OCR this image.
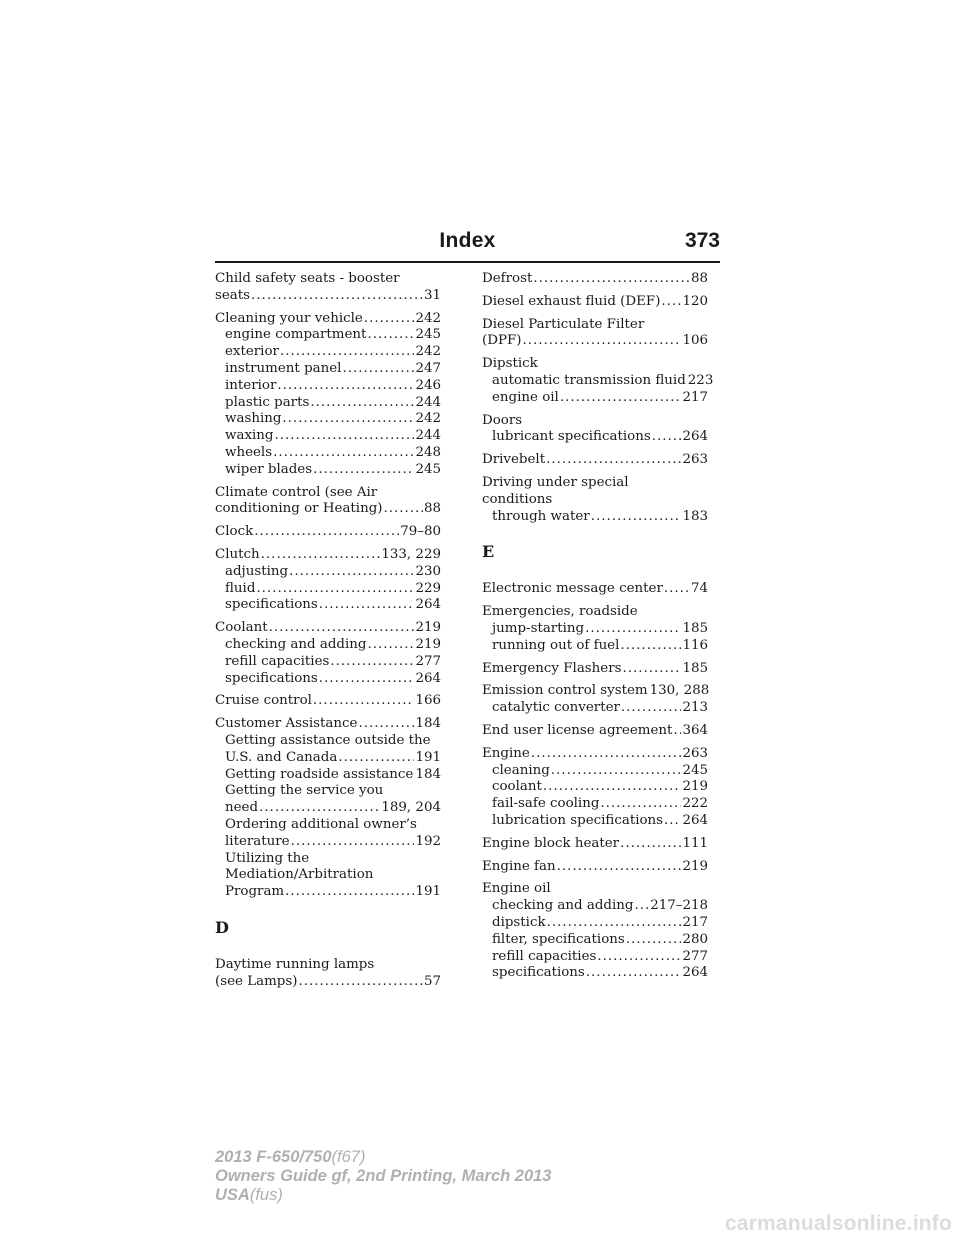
Index	373
Child safety seats - booster
seats .....	31
Cleaning your vehicle .....	242
engine compartment .....	245
exterior .....	242
instrument panel .....	247
interior .....	246
plastic parts .....	244
washing .....	242
waxing .....	244
wheels .....	248
wiper blades .....	245
Climate control (see Air
conditioning or Heating) .....	88
Clock .....	79–80
Clutch .....	133, 229
adjusting .....	230
fluid .....	229
specifications .....	264
Coolant .....	219
checking and adding .....	219
refill capacities .....	277
specifications .....	264
Cruise control .....	166
Customer Assistance .....	184
Getting assistance outside the
U.S. and Canada .....	191
Getting roadside assistance ..... 184
Getting the service you
need .....	189, 204
Ordering additional owner’s
literature .....	192
Utilizing the
Mediation/Arbitration
Program .....	191
D
Daytime running lamps
(see Lamps) .....	57
Defrost .....	88
Diesel exhaust fluid (DEF) ..... 120
Diesel Particulate Filter
(DPF) .....	106
Dipstick
automatic transmission fluid 223
engine oil .....	217
Doors
lubricant specifications ..... 264
Drivebelt .....	263
Driving under special
conditions
through water .....	183
E
Electronic message center ..... 74
Emergencies, roadside
jump-starting .....	185
running out of fuel .....	116
Emergency Flashers .....	185
Emission control system 130, 288
catalytic converter .....	213
End user license agreement ..... 364
Engine .....	263
cleaning .....	245
coolant .....	219
fail-safe cooling .....	222
lubrication specifications ..... 264
Engine block heater .....	111
Engine fan .....	219
Engine oil
checking and adding ..... 217–218
dipstick .....	217
filter, specifications .....	280
refill capacities .....	277
specifications .....	264
2013 F-650/750(f67)
Owners Guide gf, 2nd Printing, March 2013
USA(fus)
carmanualsonline.info
